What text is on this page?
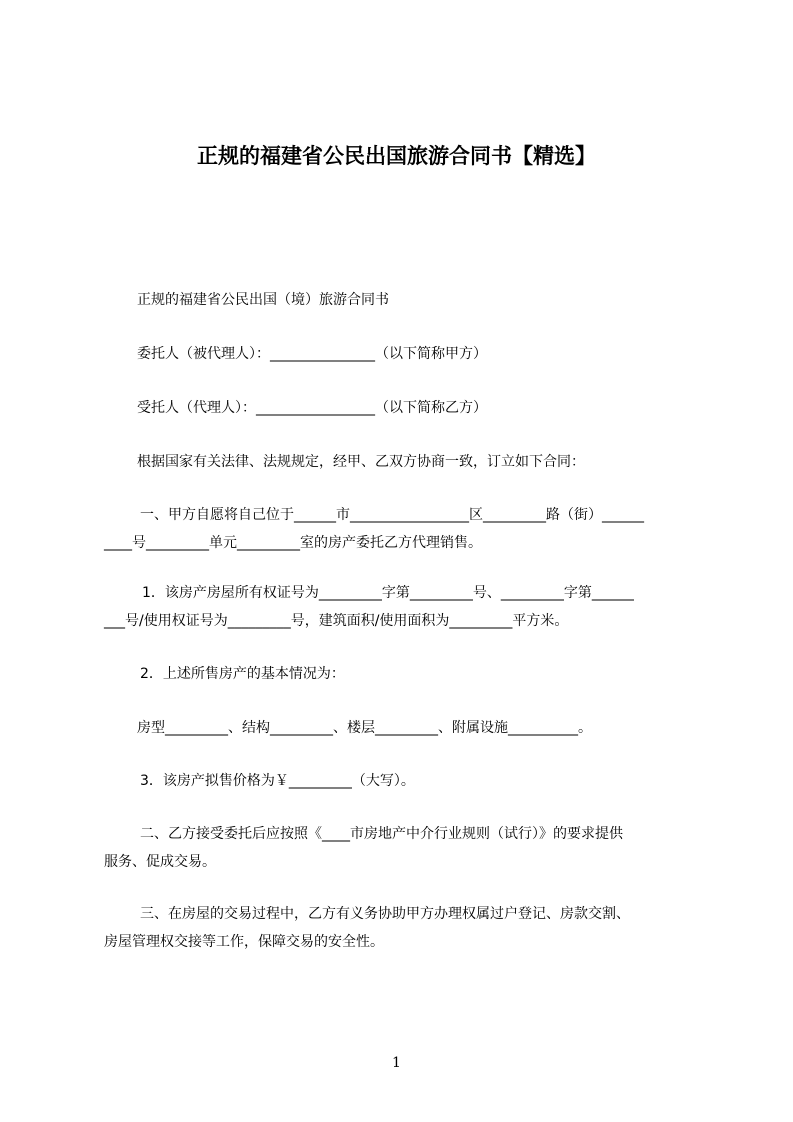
正规的福建省公民出国旅游合同书【精选】
正规的福建省公民出国（境）旅游合同书
委托人（被代理人）：_______________（以下简称甲方）
受托人（代理人）：_________________（以下简称乙方）
根据国家有关法律、法规规定，经甲、乙双方协商一致，订立如下合同：
一、甲方自愿将自己位于______市_________________区_________路（街）______
____号_________单元_________室的房产委托乙方代理销售。
1．该房产房屋所有权证号为_________字第_________号、_________字第______
___号/使用权证号为_________号，建筑面积/使用面积为_________平方米。
2．上述所售房产的基本情况为：
房型_________、结构_________、楼层_________、附属设施__________。
3．该房产拟售价格为￥_________（大写）。
二、乙方接受委托后应按照《____市房地产中介行业规则（试行）》的要求提供
服务、促成交易。
三、在房屋的交易过程中，乙方有义务协助甲方办理权属过户登记、房款交割、
房屋管理权交接等工作，保障交易的安全性。
1
